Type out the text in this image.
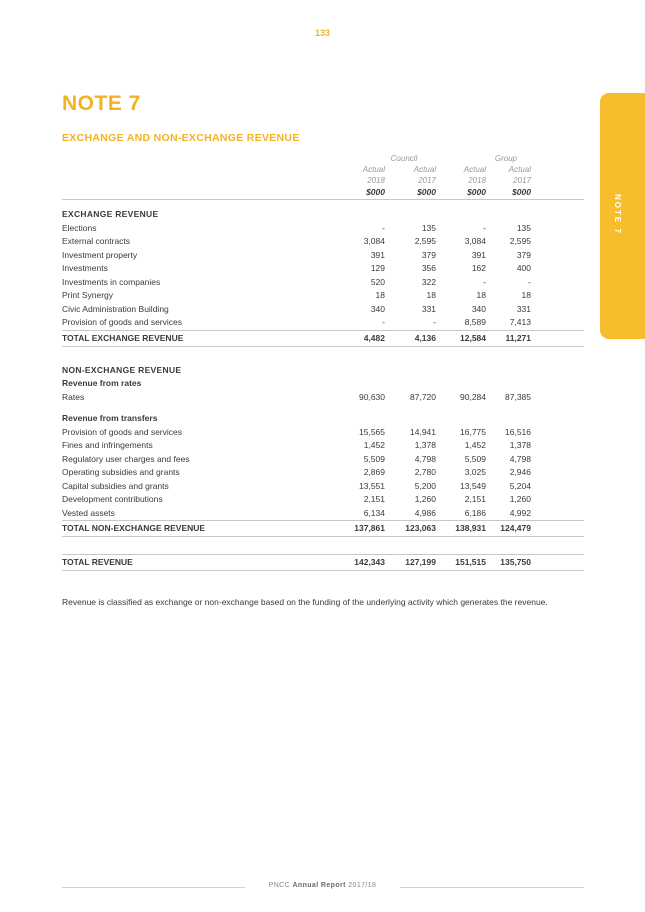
133
NOTE 7
EXCHANGE AND NON-EXCHANGE REVENUE
NOTE 7
Council	Group
Actual	Actual	Actual	Actual
2018	2017	2018	2017
$000	$000	$000	$000
EXCHANGE REVENUE
Elections	-	135	-	135
External contracts	3,084	2,595	3,084	2,595
Investment property	391	379	391	379
Investments	129	356	162	400
Investments in companies	520	322	-	-
Print Synergy	18	18	18	18
Civic Administration Building	340	331	340	331
Provision of goods and services	-	-	8,589	7,413
TOTAL EXCHANGE REVENUE	4,482	4,136	12,584	11,271
NON-EXCHANGE REVENUE
Revenue from rates
Rates	90,630	87,720	90,284	87,385
Revenue from transfers
Provision of goods and services	15,565	14,941	16,775	16,516
Fines and infringements	1,452	1,378	1,452	1,378
Regulatory user charges and fees	5,509	4,798	5,509	4,798
Operating subsidies and grants	2,869	2,780	3,025	2,946
Capital subsidies and grants	13,551	5,200	13,549	5,204
Development contributions	2,151	1,260	2,151	1,260
Vested assets	6,134	4,986	6,186	4,992
TOTAL NON-EXCHANGE REVENUE	137,861	123,063	138,931	124,479
TOTAL REVENUE	142,343	127,199	151,515	135,750

Revenue is classified as exchange or non-exchange based on the funding of the underlying activity which generates the revenue.

PNCC Annual Report 2017/18
